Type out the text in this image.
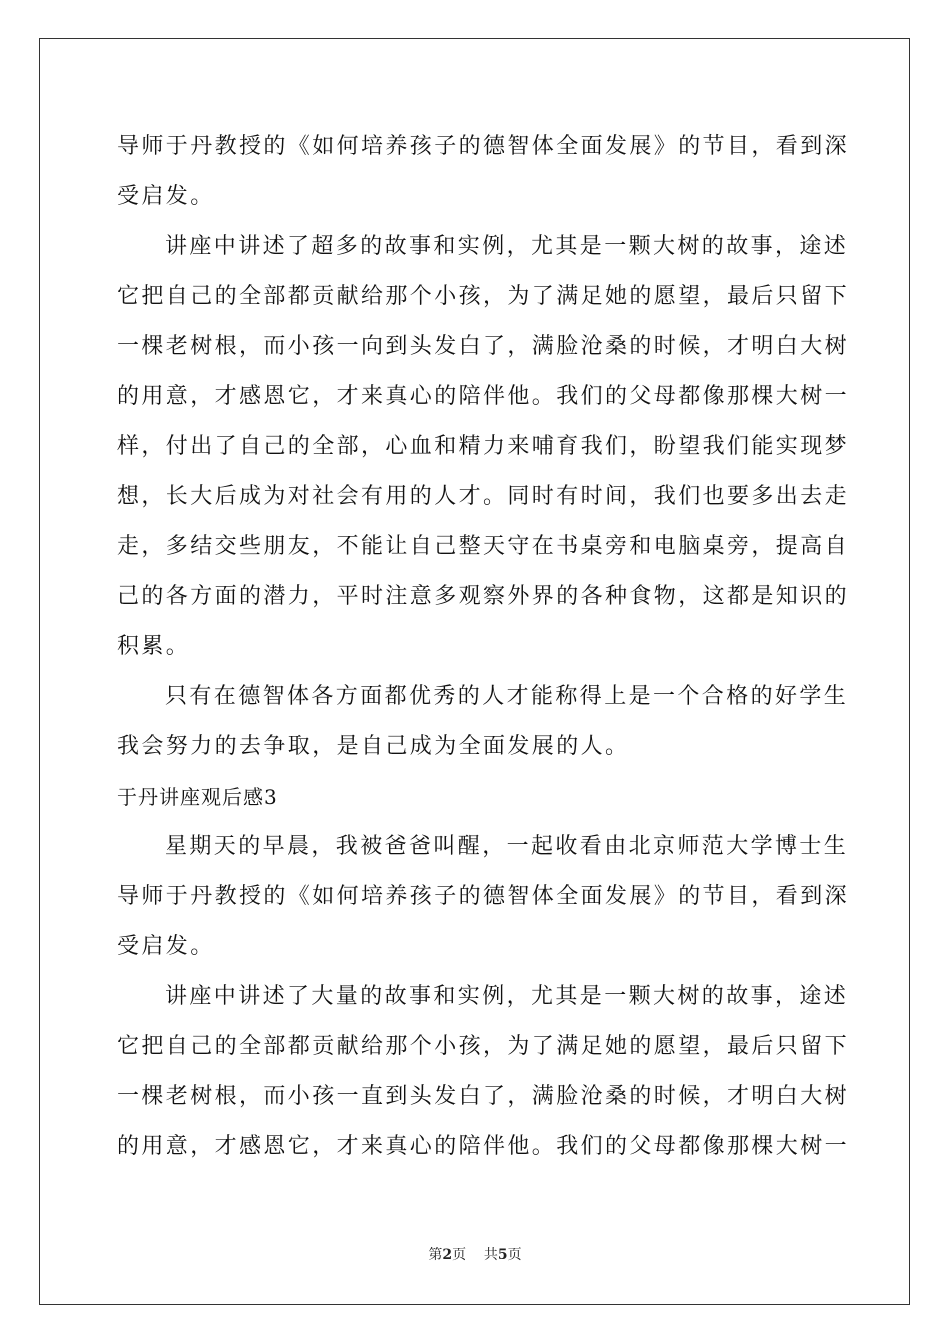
导师于丹教授的《如何培养孩子的德智体全面发展》的节目，看到深
受启发。
讲座中讲述了超多的故事和实例，尤其是一颗大树的故事，途述
它把自己的全部都贡献给那个小孩，为了满足她的愿望，最后只留下
一棵老树根，而小孩一向到头发白了，满脸沧桑的时候，才明白大树
的用意，才感恩它，才来真心的陪伴他。我们的父母都像那棵大树一
样，付出了自己的全部，心血和精力来哺育我们，盼望我们能实现梦
想，长大后成为对社会有用的人才。同时有时间，我们也要多出去走
走，多结交些朋友，不能让自己整天守在书桌旁和电脑桌旁，提高自
己的各方面的潜力，平时注意多观察外界的各种食物，这都是知识的
积累。
只有在德智体各方面都优秀的人才能称得上是一个合格的好学生
我会努力的去争取，是自己成为全面发展的人。
于丹讲座观后感3
星期天的早晨，我被爸爸叫醒，一起收看由北京师范大学博士生
导师于丹教授的《如何培养孩子的德智体全面发展》的节目，看到深
受启发。
讲座中讲述了大量的故事和实例，尤其是一颗大树的故事，途述
它把自己的全部都贡献给那个小孩，为了满足她的愿望，最后只留下
一棵老树根，而小孩一直到头发白了，满脸沧桑的时候，才明白大树
的用意，才感恩它，才来真心的陪伴他。我们的父母都像那棵大树一
第2页 共5页
